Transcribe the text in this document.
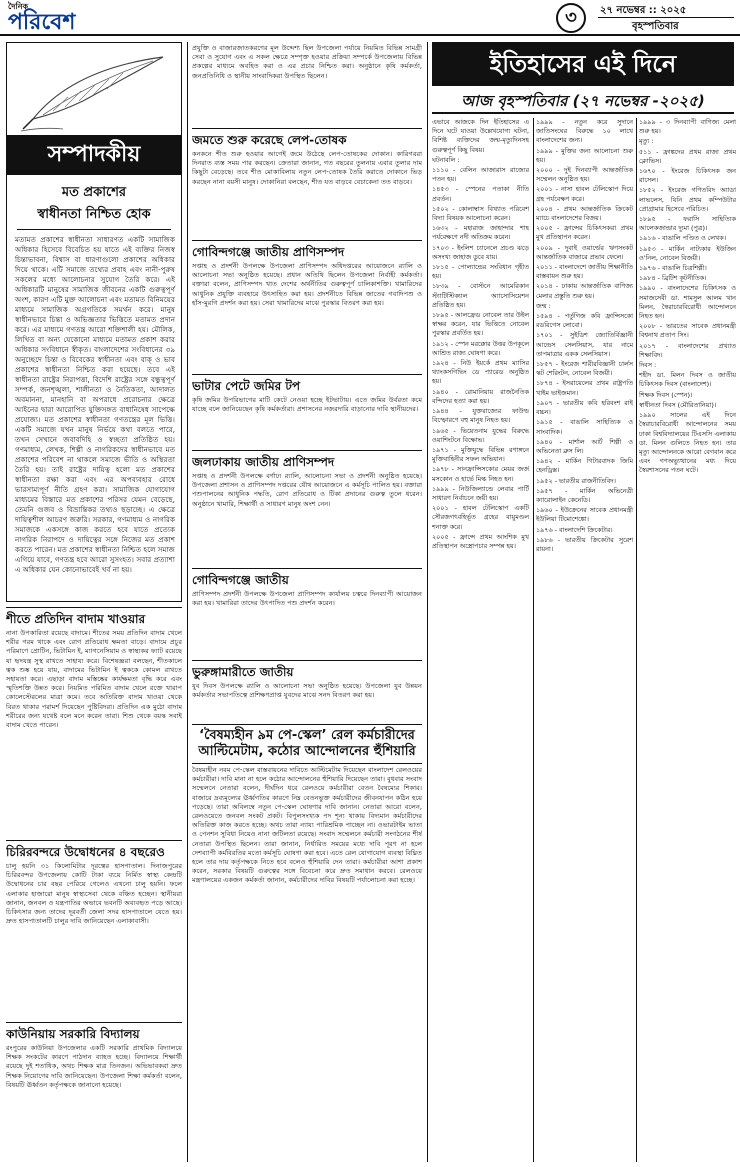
দৈনিক
পরিবেশ	৩	২৭ নভেম্বর :: ২০২৫
বৃহস্পতিবার
সম্পাদকীয়
মত প্রকাশের
স্বাধীনতা নিশ্চিত হোক

মতামত প্রকাশের স্বাধীনতা সাধারণত একটি সামাজিক অধিকার হিসেবে বিবেচিত হয় যাতে এই ব্যক্তির নিজস্ব চিন্তাভাবনা, বিশ্বাস বা ধারণাগুলো প্রকাশের অধিকার দিয়ে থাকে। এটি সমাজে তথ্যের প্রবাহ এবং নানী-পুরুষ সকলের মধ্যে আলোচনার সুযোগ তৈরি করে। এই অধিকারটি মানুষের সামাজিক জীবনের একটি গুরুত্বপূর্ণ অংশ, কারণ এটি মুক্ত আলোচনা এবং মতামত বিনিময়ের মাধ্যমে সামাজিক অগ্রগতিকে সমর্থন করে। মানুষ স্বাধীনভাবে চিন্তা ও অভিজ্ঞতার ভিত্তিতে মতামত প্রদান করে। এর মাধ্যমে গণতন্ত্র আরো শক্তিশালী হয়। মৌলিক, লিখিত বা অন্য যেকোনো মাধ্যমে মতামত প্রকাশ করার অধিকার সংবিধানে স্বীকৃত। বাংলাদেশের সংবিধানের ৩৯ অনুচ্ছেদে চিন্তা ও বিবেকের স্বাধীনতা এবং বাক্ ও ভাব প্রকাশের স্বাধীনতা নিশ্চিত করা হয়েছে। তবে এই স্বাধীনতা রাষ্ট্রের নিরাপত্তা, বিদেশি রাষ্ট্রের সঙ্গে বন্ধুত্বপূর্ণ সম্পর্ক, জনশৃঙ্খলা, শালীনতা ও নৈতিকতা, আদালত অবমাননা, মানহানি বা অপরাধে প্ররোচনার ক্ষেত্রে আইনের দ্বারা আরোপিত যুক্তিসঙ্গত বাধানিষেধ সাপেক্ষে প্রযোজ্য। মত প্রকাশের স্বাধীনতা গণতন্ত্রের মূল ভিত্তি। একটি সমাজে যখন মানুষ নির্ভয়ে কথা বলতে পারে, তখন সেখানে জবাবদিহি ও স্বচ্ছতা প্রতিষ্ঠিত হয়। গণমাধ্যম, লেখক, শিল্পী ও নাগরিকদের স্বাধীনভাবে মত প্রকাশের পরিবেশ না থাকলে সমাজে ভীতি ও অস্থিরতা তৈরি হয়। তাই রাষ্ট্রের দায়িত্ব হলো মত প্রকাশের স্বাধীনতা রক্ষা করা এবং এর অপব্যবহার রোধে ভারসাম্যপূর্ণ নীতি গ্রহণ করা। সামাজিক যোগাযোগ মাধ্যমের বিস্তারে মত প্রকাশের পরিসর যেমন বেড়েছে, তেমনি গুজব ও বিভ্রান্তিকর তথ্যও ছড়াচ্ছে। এ ক্ষেত্রে দায়িত্বশীল আচরণ জরুরি। সরকার, গণমাধ্যম ও নাগরিক সমাজকে একসঙ্গে কাজ করতে হবে যাতে প্রত্যেক নাগরিক নিরাপদে ও দায়িত্বের সঙ্গে নিজের মত প্রকাশ করতে পারেন। মত প্রকাশের স্বাধীনতা নিশ্চিত হলে সমাজ এগিয়ে যাবে, গণতন্ত্র হবে আরো সুসংহত। সবার প্রত্যাশা এ অধিকার যেন কোনোভাবেই খর্ব না হয়।

শীতে প্রতিদিন বাদাম খাওয়ার

নানা উপকারিতা রয়েছে বাদামে। শীতের সময় প্রতিদিন বাদাম খেলে শরীর গরম থাকে এবং রোগ প্রতিরোধ ক্ষমতা বাড়ে। বাদামে প্রচুর পরিমাণে প্রোটিন, ভিটামিন ই, ম্যাগনেসিয়াম ও স্বাস্থ্যকর ফ্যাট রয়েছে যা হৃদযন্ত্র সুস্থ রাখতে সাহায্য করে। বিশেষজ্ঞরা বলছেন, শীতকালে ত্বক শুষ্ক হয়ে যায়, বাদামের ভিটামিন ই ত্বককে কোমল রাখতে সহায়তা করে। এছাড়া বাদাম মস্তিষ্কের কার্যক্ষমতা বৃদ্ধি করে এবং স্মৃতিশক্তি উন্নত করে। নিয়মিত পরিমিত বাদাম খেলে রক্তে খারাপ কোলেস্টেরলের মাত্রা কমে। তবে অতিরিক্ত বাদাম খাওয়া থেকে বিরত থাকার পরামর্শ দিয়েছেন পুষ্টিবিদরা। প্রতিদিন এক মুঠো বাদাম শরীরের জন্য যথেষ্ট বলে মনে করেন তারা। শিশু থেকে বয়স্ক সবাই বাদাম খেতে পারেন।

চিরিরবন্দরে উদ্বোধনের ৪ বছরেও

চালু হয়নি ৩১ কিলোমিটার দূরত্বের হাসপাতাল। দিনাজপুরের চিরিরবন্দর উপজেলায় কোটি টাকা ব্যয়ে নির্মিত স্বাস্থ্য কেন্দ্রটি উদ্বোধনের চার বছর পেরিয়ে গেলেও এখনো চালু হয়নি। ফলে এলাকার হাজারো মানুষ স্বাস্থ্যসেবা থেকে বঞ্চিত হচ্ছেন। স্থানীয়রা জানান, জনবল ও যন্ত্রপাতির অভাবে ভবনটি অব্যবহৃত পড়ে আছে। চিকিৎসার জন্য তাদের দূরবর্তী জেলা সদর হাসপাতালে যেতে হয়। দ্রুত হাসপাতালটি চালুর দাবি জানিয়েছেন এলাকাবাসী।

কাউনিয়ায় সরকারি বিদ্যালয়

রংপুরের কাউনিয়া উপজেলার একটি সরকারি প্রাথমিক বিদ্যালয়ে শিক্ষক সংকটের কারণে পাঠদান ব্যাহত হচ্ছে। বিদ্যালয়ে শিক্ষার্থী রয়েছে দুই শতাধিক, অথচ শিক্ষক মাত্র তিনজন। অভিভাবকরা দ্রুত শিক্ষক নিয়োগের দাবি জানিয়েছেন। উপজেলা শিক্ষা কর্মকর্তা বলেন, বিষয়টি ঊর্ধ্বতন কর্তৃপক্ষকে জানানো হয়েছে।

প্রযুক্তি ও বাজারজাতকরণের মূল উদ্দেশ্য ছিল উপজেলা পর্যায়ে নিয়মিত বিভিন্ন সামগ্রী সেবা ও সুযোগ এবং এ সকল ক্ষেত্রে সম্পৃক্ত হওয়ার প্রক্রিয়া সম্পর্কে উপজেলায় বিভিন্ন প্রকল্পের মাধ্যমে অবহিত করা ও এর প্রচার নিশ্চিত করা। অনুষ্ঠানে কৃষি কর্মকর্তা, জনপ্রতিনিধি ও স্থানীয় সাংবাদিকরা উপস্থিত ছিলেন।

জমতে শুরু করেছে লেপ-তোষক

কনকনে শীত শুরু হওয়ার আগেই জমে উঠেছে লেপ-তোষকের দোকান। কারিগররা দিনরাত ব্যস্ত সময় পার করছেন। ক্রেতারা জানান, গত বছরের তুলনায় এবার তুলার দাম কিছুটা বেড়েছে। তবে শীত মোকাবিলায় নতুন লেপ-তোষক তৈরি করাতে দোকানে ভিড় করছেন নানা বয়সী মানুষ। দোকানিরা বলছেন, শীত যত বাড়বে বেচাকেনা তত বাড়বে।

গোবিন্দগঞ্জে জাতীয় প্রাণিসম্পদ

সপ্তাহ ও প্রদর্শনী উপলক্ষে উপজেলা প্রাণিসম্পদ অধিদপ্তরের আয়োজনে র‍্যালি ও আলোচনা সভা অনুষ্ঠিত হয়েছে। প্রধান অতিথি ছিলেন উপজেলা নির্বাহী কর্মকর্তা। বক্তারা বলেন, প্রাণিসম্পদ খাত দেশের অর্থনীতির গুরুত্বপূর্ণ চালিকাশক্তি। খামারিদের আধুনিক প্রযুক্তি ব্যবহারে উৎসাহিত করা হয়। প্রদর্শনীতে বিভিন্ন জাতের গবাদিপশু ও হাঁস-মুরগি প্রদর্শন করা হয়। সেরা খামারিদের মাঝে পুরস্কার বিতরণ করা হয়।

ভাটার পেটে জমির টপ

কৃষি জমির উপরিভাগের মাটি কেটে নেওয়া হচ্ছে ইটভাটায়। এতে জমির উর্বরতা কমে যাচ্ছে বলে জানিয়েছেন কৃষি কর্মকর্তারা। প্রশাসনের নজরদারি বাড়ানোর দাবি স্থানীয়দের।

জলঢাকায় জাতীয় প্রাণিসম্পদ

সপ্তাহ ও প্রদর্শনী উপলক্ষে বর্ণাঢ্য র‍্যালি, আলোচনা সভা ও প্রদর্শনী অনুষ্ঠিত হয়েছে। উপজেলা প্রশাসন ও প্রাণিসম্পদ দপ্তরের যৌথ আয়োজনে এ কর্মসূচি পালিত হয়। বক্তারা পশুপালনের আধুনিক পদ্ধতি, রোগ প্রতিরোধ ও টিকা প্রদানের গুরুত্ব তুলে ধরেন। অনুষ্ঠানে খামারি, শিক্ষার্থী ও সাধারণ মানুষ অংশ নেন।

গোবিন্দগঞ্জে জাতীয়

প্রাণিসম্পদ প্রদর্শনী উপলক্ষে উপজেলা প্রাণিসম্পদ কার্যালয় চত্বরে দিনব্যাপী আয়োজন করা হয়। খামারিরা তাদের উৎপাদিত পশু প্রদর্শন করেন।

ভুরুঙ্গামারীতে জাতীয়

যুব দিবস উপলক্ষে র‍্যালি ও আলোচনা সভা অনুষ্ঠিত হয়েছে। উপজেলা যুব উন্নয়ন কর্মকর্তার সভাপতিত্বে প্রশিক্ষণপ্রাপ্ত যুবদের মাঝে সনদ বিতরণ করা হয়।

‘বৈষম্যহীন ৯ম পে-স্কেল’ রেল কর্মচারীদের আল্টিমেটাম, কঠোর আন্দোলনের হুঁশিয়ারি

বৈষম্যহীন নবম পে-স্কেল বাস্তবায়নের দাবিতে আল্টিমেটাম দিয়েছেন বাংলাদেশ রেলওয়ের কর্মচারীরা। দাবি মানা না হলে কঠোর আন্দোলনের হুঁশিয়ারি দিয়েছেন তারা। বুধবার সংবাদ সম্মেলনে নেতারা বলেন, দীর্ঘদিন ধরে রেলওয়ে কর্মচারীরা বেতন বৈষম্যের শিকার। বাজারে দ্রব্যমূল্যের ঊর্ধ্বগতির কারণে নিম্ন বেতনভুক্ত কর্মচারীদের জীবনযাপন কঠিন হয়ে পড়েছে। তারা অবিলম্বে নতুন পে-স্কেল ঘোষণার দাবি জানান। নেতারা আরো বলেন, রেলওয়েতে জনবল সংকট প্রকট। বিপুলসংখ্যক পদ শূন্য থাকায় বিদ্যমান কর্মচারীদের অতিরিক্ত কাজ করতে হচ্ছে। অথচ তারা ন্যায্য পারিশ্রমিক পাচ্ছেন না। ওভারটাইম ভাতা ও পেনশন সুবিধা নিয়েও নানা জটিলতা রয়েছে। সংবাদ সম্মেলনে কর্মচারী সংগঠনের শীর্ষ নেতারা উপস্থিত ছিলেন। তারা জানান, নির্ধারিত সময়ের মধ্যে দাবি পূরণ না হলে দেশব্যাপী কর্মবিরতির মতো কর্মসূচি ঘোষণা করা হবে। এতে রেল যোগাযোগ ব্যবস্থা বিঘ্নিত হলে তার দায় কর্তৃপক্ষকে নিতে হবে বলেও হুঁশিয়ারি দেন তারা। কর্মচারীরা আশা প্রকাশ করেন, সরকার বিষয়টি গুরুত্বের সঙ্গে বিবেচনা করে দ্রুত সমাধান করবে। রেলওয়ে মন্ত্রণালয়ের একজন কর্মকর্তা জানান, কর্মচারীদের দাবির বিষয়টি পর্যালোচনা করা হচ্ছে।

ইতিহাসের এই দিনে
আজ বৃহস্পতিবার (২৭ নভেম্বর -২০২৫)

এভাবে আজকে দিন ইতিহাসের এ দিনে ঘটে যাওয়া উল্লেখযোগ্য ঘটনা, বিশিষ্ট ব্যক্তিদের জন্ম-মৃত্যুদিনসহ গুরুত্বপূর্ণ কিছু বিষয়।

ঘটনাবলি :

১১১০ - বেলিন আজারাস রাজ্যের পতন হয়।

১৪৫৩ - স্পেনের পতাকা নীতি প্রবর্তন।

১৫০২ - কোলাম্বাস বিখ্যাত পরিবেশ বিদ্যা বিষয়ক আলোচনা করেন।

১৬৩২ - মহারাজ জাহান্দার শাহ পর্যবেক্ষণে নদী অতিক্রম করেন।

১৭০৩ - ইংলিশ চ্যানেলে প্রচণ্ড ঝড়ে অসংখ্য জাহাজ ডুবে যায়।

১৮১৫ - পোল্যান্ডের সংবিধান গৃহীত হয়।

১৮৩৯ - বোস্টনে আমেরিকান স্ট্যাটিস্টিক্যাল অ্যাসোসিয়েশন প্রতিষ্ঠিত হয়।

১৮৯৫ - আলফ্রেড নোবেল তার উইল স্বাক্ষর করেন, যার ভিত্তিতে নোবেল পুরস্কার প্রবর্তিত হয়।

১৯১২ - স্পেন মরক্কোর উত্তর উপকূলে আশ্রিত রাজ্য ঘোষণা করে।

১৯২৪ - নিউ ইয়র্কে প্রথম ম্যাসির থ্যাংকসগিভিং ডে প্যারেড অনুষ্ঠিত হয়।

১৯৪০ - রোমানিয়ায় রাজনৈতিক বন্দিদের হত্যা করা হয়।

১৯৪৪ - যুক্তরাজ্যের ফাউল্ড বিস্ফোরণে বহু মানুষ নিহত হয়।

১৯৬৫ - ভিয়েতনাম যুদ্ধের বিরুদ্ধে ওয়াশিংটনে বিক্ষোভ।

১৯৭১ - মুক্তিযুদ্ধে বিভিন্ন রণাঙ্গনে মুক্তিবাহিনীর সফল অভিযান।

১৯৭৮ - সানফ্রান্সিসকোর মেয়র জর্জ মসকোন ও হার্ভে মিল্ক নিহত হন।

১৯৯৯ - নিউজিল্যান্ডে লেবার পার্টি সাধারণ নির্বাচনে জয়ী হয়।

২০০১ - হাবল টেলিস্কোপ একটি সৌরজগৎবহির্ভূত গ্রহের বায়ুমণ্ডল শনাক্ত করে।

২০০৫ - ফ্রান্সে প্রথম আংশিক মুখ প্রতিস্থাপন অস্ত্রোপচার সম্পন্ন হয়।

১৯৯৯ - নতুন করে সুদানে জাতিসংঘের বিরুদ্ধে ১০ লাখে বাংলাদেশের জন্য।

১৯৯৯ - মুক্তির জন্য আলোচনা শুরু হয়।

২০০০ - দুই দিনব্যাপী আন্তর্জাতিক সম্মেলন অনুষ্ঠিত হয়।

২০০১ - নাসা হাবল টেলিস্কোপ দিয়ে গ্রহ পর্যবেক্ষণ করে।

২০০৪ - প্রথম আন্তর্জাতিক ক্রিকেট ম্যাচে বাংলাদেশের বিজয়।

২০০৫ - ফ্রান্সের চিকিৎসকরা প্রথম মুখ প্রতিস্থাপন করেন।

২০০৯ - দুবাই ওয়ার্ল্ডের ঋণসংকট আন্তর্জাতিক বাজারে প্রভাব ফেলে।

২০১১ - বাংলাদেশে জাতীয় শিক্ষানীতি বাস্তবায়ন শুরু হয়।

২০১৪ - ঢাকায় আন্তর্জাতিক বাণিজ্য মেলার প্রস্তুতি শুরু হয়।

জন্ম :

১৫৯৪ - পর্তুগিজ কবি ফ্রান্সিসকো রডরিগেস লোবো।

১৭০১ - সুইডিশ জ্যোতির্বিজ্ঞানী আন্দ্রেস সেলসিয়াস, যার নামে তাপমাত্রার একক সেলসিয়াস।

১৮৫৭ - ইংরেজ শারীরবিজ্ঞানী চার্লস স্কট শেরিংটন, নোবেল বিজয়ী।

১৮৭৪ - ইসরায়েলের প্রথম রাষ্ট্রপতি খাইম ভাইজমান।

১৯০৭ - ভারতীয় কবি হরিবংশ রাই বচ্চন।

১৯১৫ - বাঙালি সাহিত্যিক ও সাংবাদিক।

১৯৪০ - মার্শাল আর্ট শিল্পী ও অভিনেতা ব্রুস লি।

১৯৪২ - মার্কিন গিটারবাদক জিমি হেনড্রিক্স।

১৯৫২ - ভারতীয় রাজনীতিবিদ।

১৯৫৭ - মার্কিন অভিনেত্রী ক্যারোলাইন কেনেডি।

১৯৬০ - ইউক্রেনের সাবেক প্রধানমন্ত্রী ইউলিয়া টিমোশেঙ্কো।

১৯৭৬ - বাংলাদেশি ক্রিকেটার।

১৯৮৬ - ভারতীয় ক্রিকেটার সুরেশ রায়না।

১৯৯৯ - ৩ দিনব্যাপী বাণিজ্য মেলা শুরু হয়।

মৃত্যু :

৫১১ - ফ্রাঙ্কদের প্রথম রাজা প্রথম ক্লোভিস।

১৬৭০ - ইংরেজ চিকিৎসক জন রাসেল।

১৮৫২ - ইংরেজ গণিতবিদ অ্যাডা লাভলেস, যিনি প্রথম কম্পিউটার প্রোগ্রামার হিসেবে পরিচিত।

১৮৯৫ - ফরাসি সাহিত্যিক আলেকজান্ডার দ্যুমা (পুত্র)।

১৯১৬ - বাঙালি পণ্ডিত ও লেখক।

১৯৫৩ - মার্কিন নাট্যকার ইউজিন ও'নিল, নোবেল বিজয়ী।

১৯৭৬ - বাঙালি চিত্রশিল্পী।

১৯৮৪ - ব্রিটিশ কূটনীতিক।

১৯৯০ - বাংলাদেশের চিকিৎসক ও সমাজসেবী ডা. শামসুল আলম খান মিলন, স্বৈরাচারবিরোধী আন্দোলনে নিহত হন।

২০০৮ - ভারতের সাবেক প্রধানমন্ত্রী বিশ্বনাথ প্রতাপ সিং।

২০১৭ - বাংলাদেশের প্রখ্যাত শিক্ষাবিদ।

দিবস :

শহীদ ডা. মিলন দিবস ও জাতীয় চিকিৎসক দিবস (বাংলাদেশ)।

শিক্ষক দিবস (স্পেন)।

স্বাধীনতা দিবস (মৌরিতানিয়া)।

১৯৯০ সালের এই দিনে স্বৈরাচারবিরোধী আন্দোলনের সময় ঢাকা বিশ্ববিদ্যালয়ের টিএসসি এলাকায় ডা. মিলন গুলিতে নিহত হন। তার মৃত্যু আন্দোলনকে আরো বেগবান করে এবং গণঅভ্যুত্থানের মধ্য দিয়ে স্বৈরশাসনের পতন ঘটে।
